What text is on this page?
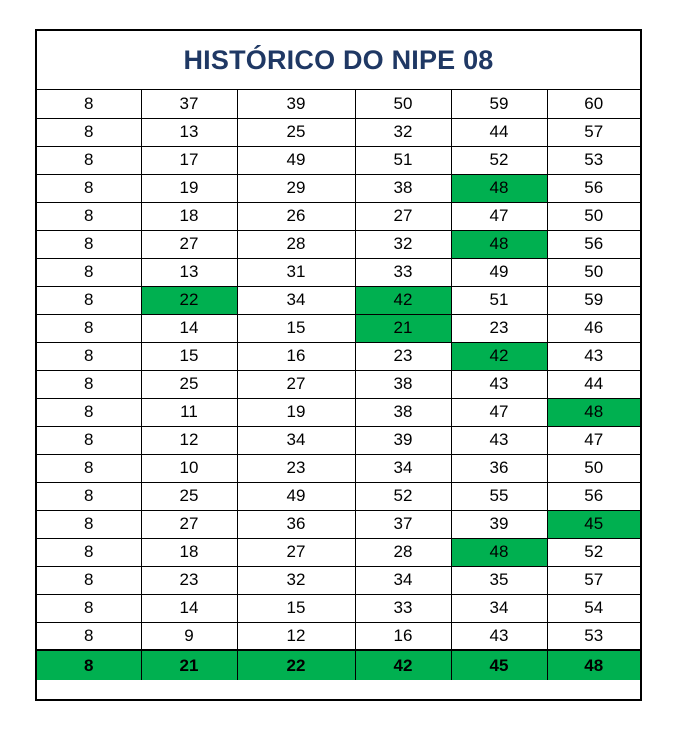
HISTÓRICO DO NIPE 08
8	37	39	50	59	60
8	13	25	32	44	57
8	17	49	51	52	53
8	19	29	38	48	56
8	18	26	27	47	50
8	27	28	32	48	56
8	13	31	33	49	50
8	22	34	42	51	59
8	14	15	21	23	46
8	15	16	23	42	43
8	25	27	38	43	44
8	11	19	38	47	48
8	12	34	39	43	47
8	10	23	34	36	50
8	25	49	52	55	56
8	27	36	37	39	45
8	18	27	28	48	52
8	23	32	34	35	57
8	14	15	33	34	54
8	9	12	16	43	53
8	21	22	42	45	48
